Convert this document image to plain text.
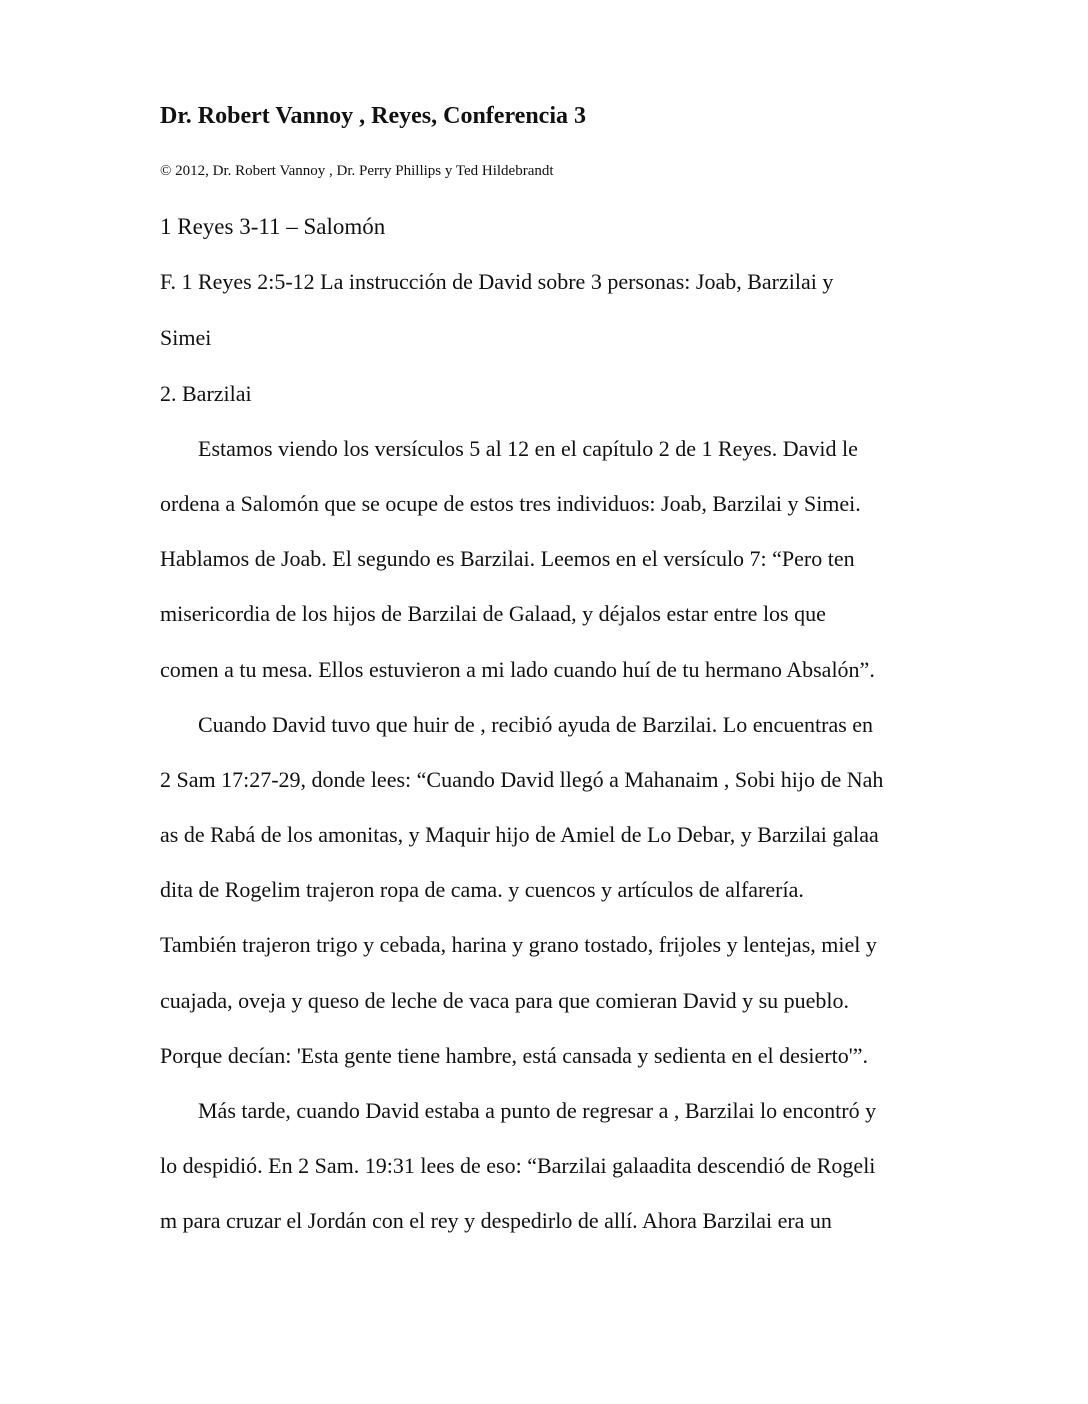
Dr. Robert Vannoy , Reyes, Conferencia 3

© 2012, Dr. Robert Vannoy , Dr. Perry Phillips y Ted Hildebrandt

1 Reyes 3-11 – Salomón

F. 1 Reyes 2:5-12 La instrucción de David sobre 3 personas: Joab, Barzilai y

Simei

2. Barzilai

Estamos viendo los versículos 5 al 12 en el capítulo 2 de 1 Reyes. David le

ordena a Salomón que se ocupe de estos tres individuos: Joab, Barzilai y Simei.

Hablamos de Joab. El segundo es Barzilai. Leemos en el versículo 7: “Pero ten

misericordia de los hijos de Barzilai de Galaad, y déjalos estar entre los que

comen a tu mesa. Ellos estuvieron a mi lado cuando huí de tu hermano Absalón”.

Cuando David tuvo que huir de , recibió ayuda de Barzilai. Lo encuentras en

2 Sam 17:27-29, donde lees: “Cuando David llegó a Mahanaim , Sobi hijo de Nah

as de Rabá de los amonitas, y Maquir hijo de Amiel de Lo Debar, y Barzilai galaa

dita de Rogelim trajeron ropa de cama. y cuencos y artículos de alfarería.

También trajeron trigo y cebada, harina y grano tostado, frijoles y lentejas, miel y

cuajada, oveja y queso de leche de vaca para que comieran David y su pueblo.

Porque decían: 'Esta gente tiene hambre, está cansada y sedienta en el desierto'”.

Más tarde, cuando David estaba a punto de regresar a , Barzilai lo encontró y

lo despidió. En 2 Sam. 19:31 lees de eso: “Barzilai galaadita descendió de Rogeli

m para cruzar el Jordán con el rey y despedirlo de allí. Ahora Barzilai era un
